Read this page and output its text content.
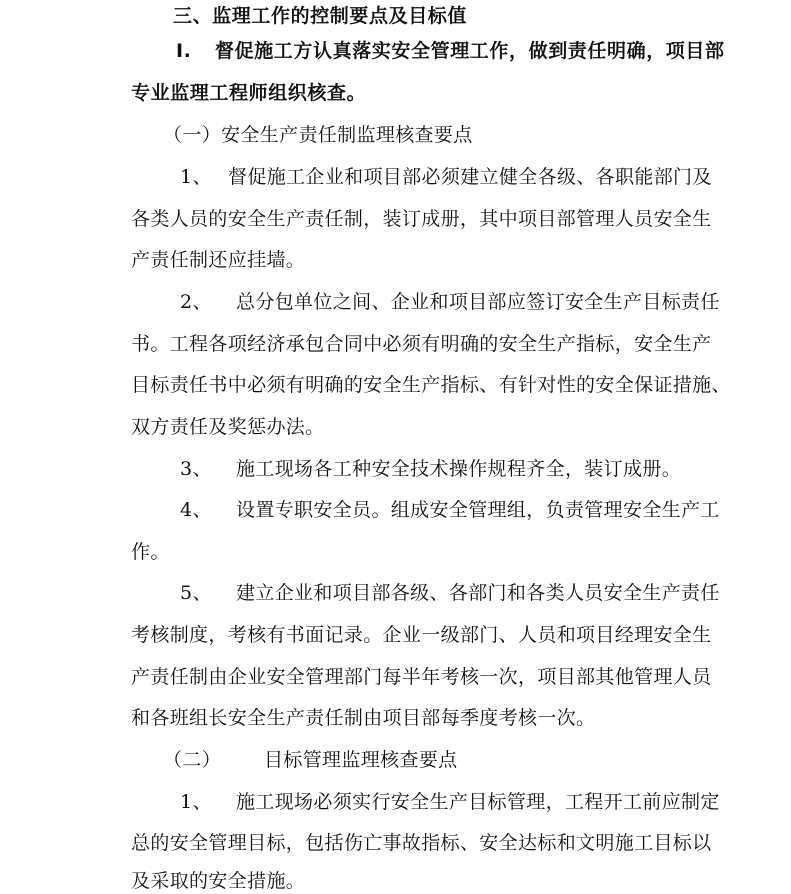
三、监理工作的控制要点及目标值
I. 督促施工方认真落实安全管理工作，做到责任明确，项目部
专业监理工程师组织核查。
（一）安全生产责任制监理核查要点
1、 督促施工企业和项目部必须建立健全各级、各职能部门及
各类人员的安全生产责任制，装订成册，其中项目部管理人员安全生
产责任制还应挂墙。
2、 总分包单位之间、企业和项目部应签订安全生产目标责任
书。工程各项经济承包合同中必须有明确的安全生产指标，安全生产
目标责任书中必须有明确的安全生产指标、有针对性的安全保证措施、
双方责任及奖惩办法。
3、 施工现场各工种安全技术操作规程齐全，装订成册。
4、 设置专职安全员。组成安全管理组，负责管理安全生产工
作。
5、 建立企业和项目部各级、各部门和各类人员安全生产责任
考核制度，考核有书面记录。企业一级部门、人员和项目经理安全生
产责任制由企业安全管理部门每半年考核一次，项目部其他管理人员
和各班组长安全生产责任制由项目部每季度考核一次。
（二） 目标管理监理核查要点
1、 施工现场必须实行安全生产目标管理，工程开工前应制定
总的安全管理目标，包括伤亡事故指标、安全达标和文明施工目标以
及采取的安全措施。
